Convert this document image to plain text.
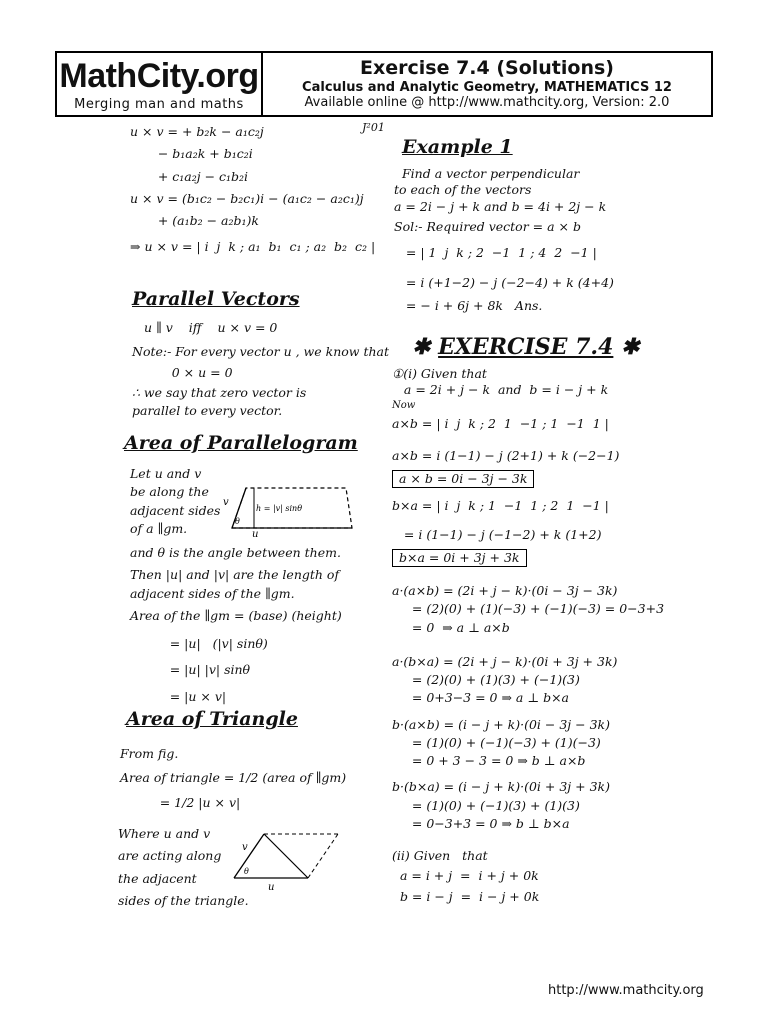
MathCity.org
Merging man and maths
Exercise 7.4 (Solutions)
Calculus and Analytic Geometry, MATHEMATICS 12
Available online @ http://www.mathcity.org, Version: 2.0
J²01
u × v = + b₂k − a₁c₂j
− b₁a₂k + b₁c₂i
+ c₁a₂j − c₁b₂i
u × v = (b₁c₂ − b₂c₁)i − (a₁c₂ − a₂c₁)j
+ (a₁b₂ − a₂b₁)k
⇒ u × v = | i  j  k ; a₁  b₁  c₁ ; a₂  b₂  c₂ |
Parallel Vectors
u ∥ v    iff    u × v = 0
Note:- For every vector u , we know that
0 × u = 0
∴ we say that zero vector is
parallel to every vector.
Area of Parallelogram
Let u and v
be along the
adjacent sides
of a ∥gm.
and θ is the angle between them.
Then |u| and |v| are the length of
adjacent sides of the ∥gm.
Area of the ∥gm = (base) (height)
= |u|   (|v| sinθ)
= |u| |v| sinθ
= |u × v|
h = |v| sinθ
θ
v
u
Area of Triangle
From fig.
Area of triangle = 1/2 (area of ∥gm)
= 1/2 |u × v|
Where u and v
are acting along
the adjacent
sides of the triangle.
v
θ
u
Example 1
Find a vector perpendicular
to each of the vectors
a = 2i − j + k and b = 4i + 2j − k
Sol:- Required vector = a × b
= | 1  j  k ; 2  −1  1 ; 4  2  −1 |
= i (+1−2) − j (−2−4) + k (4+4)
= − i + 6j + 8k   Ans.
✱ EXERCISE 7.4 ✱
①(i) Given that
a = 2i + j − k  and  b = i − j + k
Now
a×b = | i  j  k ; 2  1  −1 ; 1  −1  1 |
a×b = i (1−1) − j (2+1) + k (−2−1)
a × b = 0i − 3j − 3k
b×a = | i  j  k ; 1  −1  1 ; 2  1  −1 |
= i (1−1) − j (−1−2) + k (1+2)
b×a = 0i + 3j + 3k
a·(a×b) = (2i + j − k)·(0i − 3j − 3k)
= (2)(0) + (1)(−3) + (−1)(−3) = 0−3+3
= 0  ⇒ a ⊥ a×b
a·(b×a) = (2i + j − k)·(0i + 3j + 3k)
= (2)(0) + (1)(3) + (−1)(3)
= 0+3−3 = 0 ⇒ a ⊥ b×a
b·(a×b) = (i − j + k)·(0i − 3j − 3k)
= (1)(0) + (−1)(−3) + (1)(−3)
= 0 + 3 − 3 = 0 ⇒ b ⊥ a×b
b·(b×a) = (i − j + k)·(0i + 3j + 3k)
= (1)(0) + (−1)(3) + (1)(3)
= 0−3+3 = 0 ⇒ b ⊥ b×a
(ii) Given   that
a = i + j  =  i + j + 0k
b = i − j  =  i − j + 0k
http://www.mathcity.org
